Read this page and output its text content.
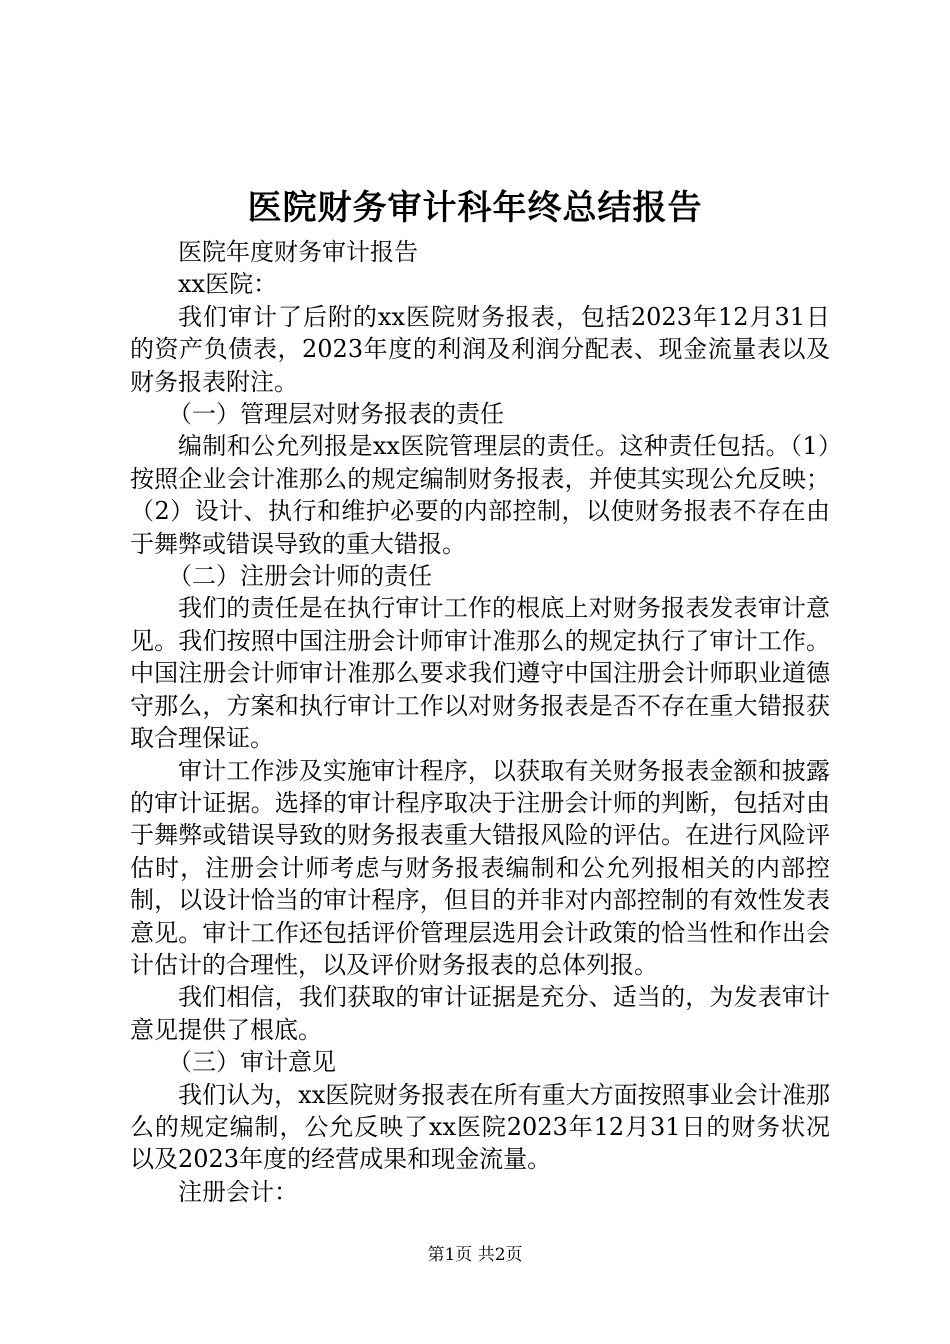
医院财务审计科年终总结报告

医院年度财务审计报告

xx医院：

我们审计了后附的xx医院财务报表，包括2023年12月31日的资产负债表，2023年度的利润及利润分配表、现金流量表以及财务报表附注。

（一）管理层对财务报表的责任

编制和公允列报是xx医院管理层的责任。这种责任包括。（1）按照企业会计准那么的规定编制财务报表，并使其实现公允反映；（2）设计、执行和维护必要的内部控制，以使财务报表不存在由于舞弊或错误导致的重大错报。

（二）注册会计师的责任

我们的责任是在执行审计工作的根底上对财务报表发表审计意见。我们按照中国注册会计师审计准那么的规定执行了审计工作。中国注册会计师审计准那么要求我们遵守中国注册会计师职业道德守那么，方案和执行审计工作以对财务报表是否不存在重大错报获取合理保证。

审计工作涉及实施审计程序，以获取有关财务报表金额和披露的审计证据。选择的审计程序取决于注册会计师的判断，包括对由于舞弊或错误导致的财务报表重大错报风险的评估。在进行风险评估时，注册会计师考虑与财务报表编制和公允列报相关的内部控制，以设计恰当的审计程序，但目的并非对内部控制的有效性发表意见。审计工作还包括评价管理层选用会计政策的恰当性和作出会计估计的合理性，以及评价财务报表的总体列报。

我们相信，我们获取的审计证据是充分、适当的，为发表审计意见提供了根底。

（三）审计意见

我们认为，xx医院财务报表在所有重大方面按照事业会计准那么的规定编制，公允反映了xx医院2023年12月31日的财务状况以及2023年度的经营成果和现金流量。

注册会计：

第1页 共2页
